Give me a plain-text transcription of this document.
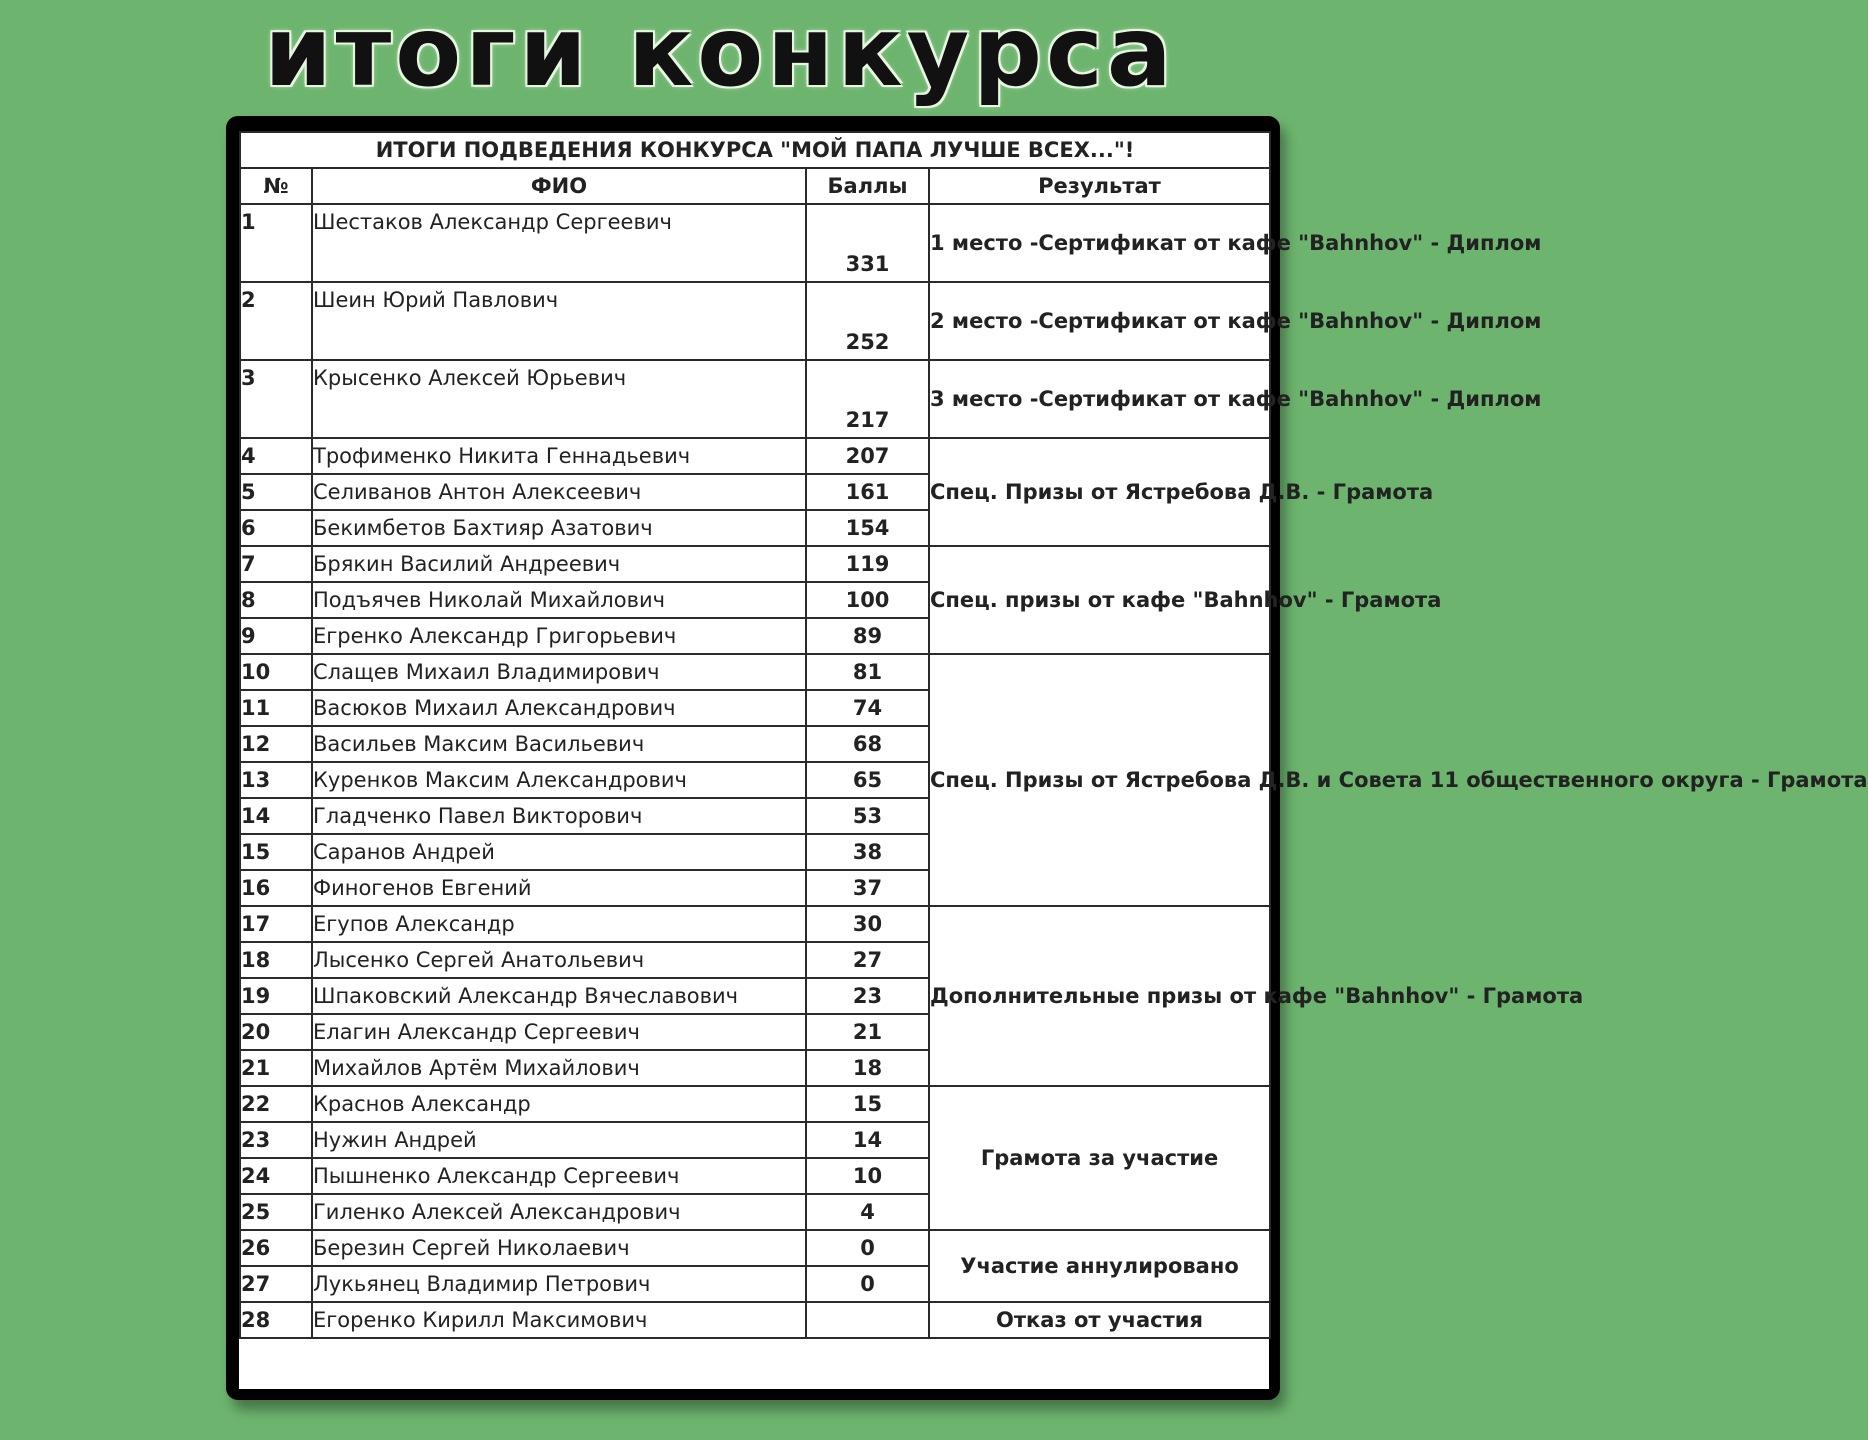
итоги конкурса
ИТОГИ ПОДВЕДЕНИЯ КОНКУРСА "МОЙ ПАПА ЛУЧШЕ ВСЕХ..."!			
№	ФИО	Баллы	Результат
1	Шестаков Александр Сергеевич	331	1 место -Сертификат от кафе "Bahnhov" - Диплом
2	Шеин Юрий Павлович	252	2 место -Сертификат от кафе "Bahnhov" - Диплом
3	Крысенко Алексей Юрьевич	217	3 место -Сертификат от кафе "Bahnhov" - Диплом
4	Трофименко Никита Геннадьевич	207	Спец. Призы от Ястребова Д.В. - Грамота
5	Селиванов Антон Алексеевич	161	
6	Бекимбетов Бахтияр Азатович	154	
7	Брякин Василий Андреевич	119	Спец. призы от кафе "Bahnhov" - Грамота
8	Подъячев Николай Михайлович	100	
9	Егренко Александр Григорьевич	89	
10	Слащев Михаил Владимирович	81	Спец. Призы от Ястребова Д.В. и Совета 11 общественного округа - Грамота
11	Васюков Михаил Александрович	74	
12	Васильев Максим Васильевич	68	
13	Куренков Максим Александрович	65	
14	Гладченко Павел Викторович	53	
15	Саранов Андрей	38	
16	Финогенов Евгений	37	
17	Егупов Александр	30	Дополнительные призы от кафе "Bahnhov" - Грамота
18	Лысенко Сергей Анатольевич	27	
19	Шпаковский Александр Вячеславович	23	
20	Елагин Александр Сергеевич	21	
21	Михайлов Артём Михайлович	18	
22	Краснов Александр	15	Грамота за участие
23	Нужин Андрей	14	
24	Пышненко Александр Сергеевич	10	
25	Гиленко Алексей Александрович	4	
26	Березин Сергей Николаевич	0	Участие аннулировано
27	Лукьянец Владимир Петрович	0	
28	Егоренко Кирилл Максимович		Отказ от участия
